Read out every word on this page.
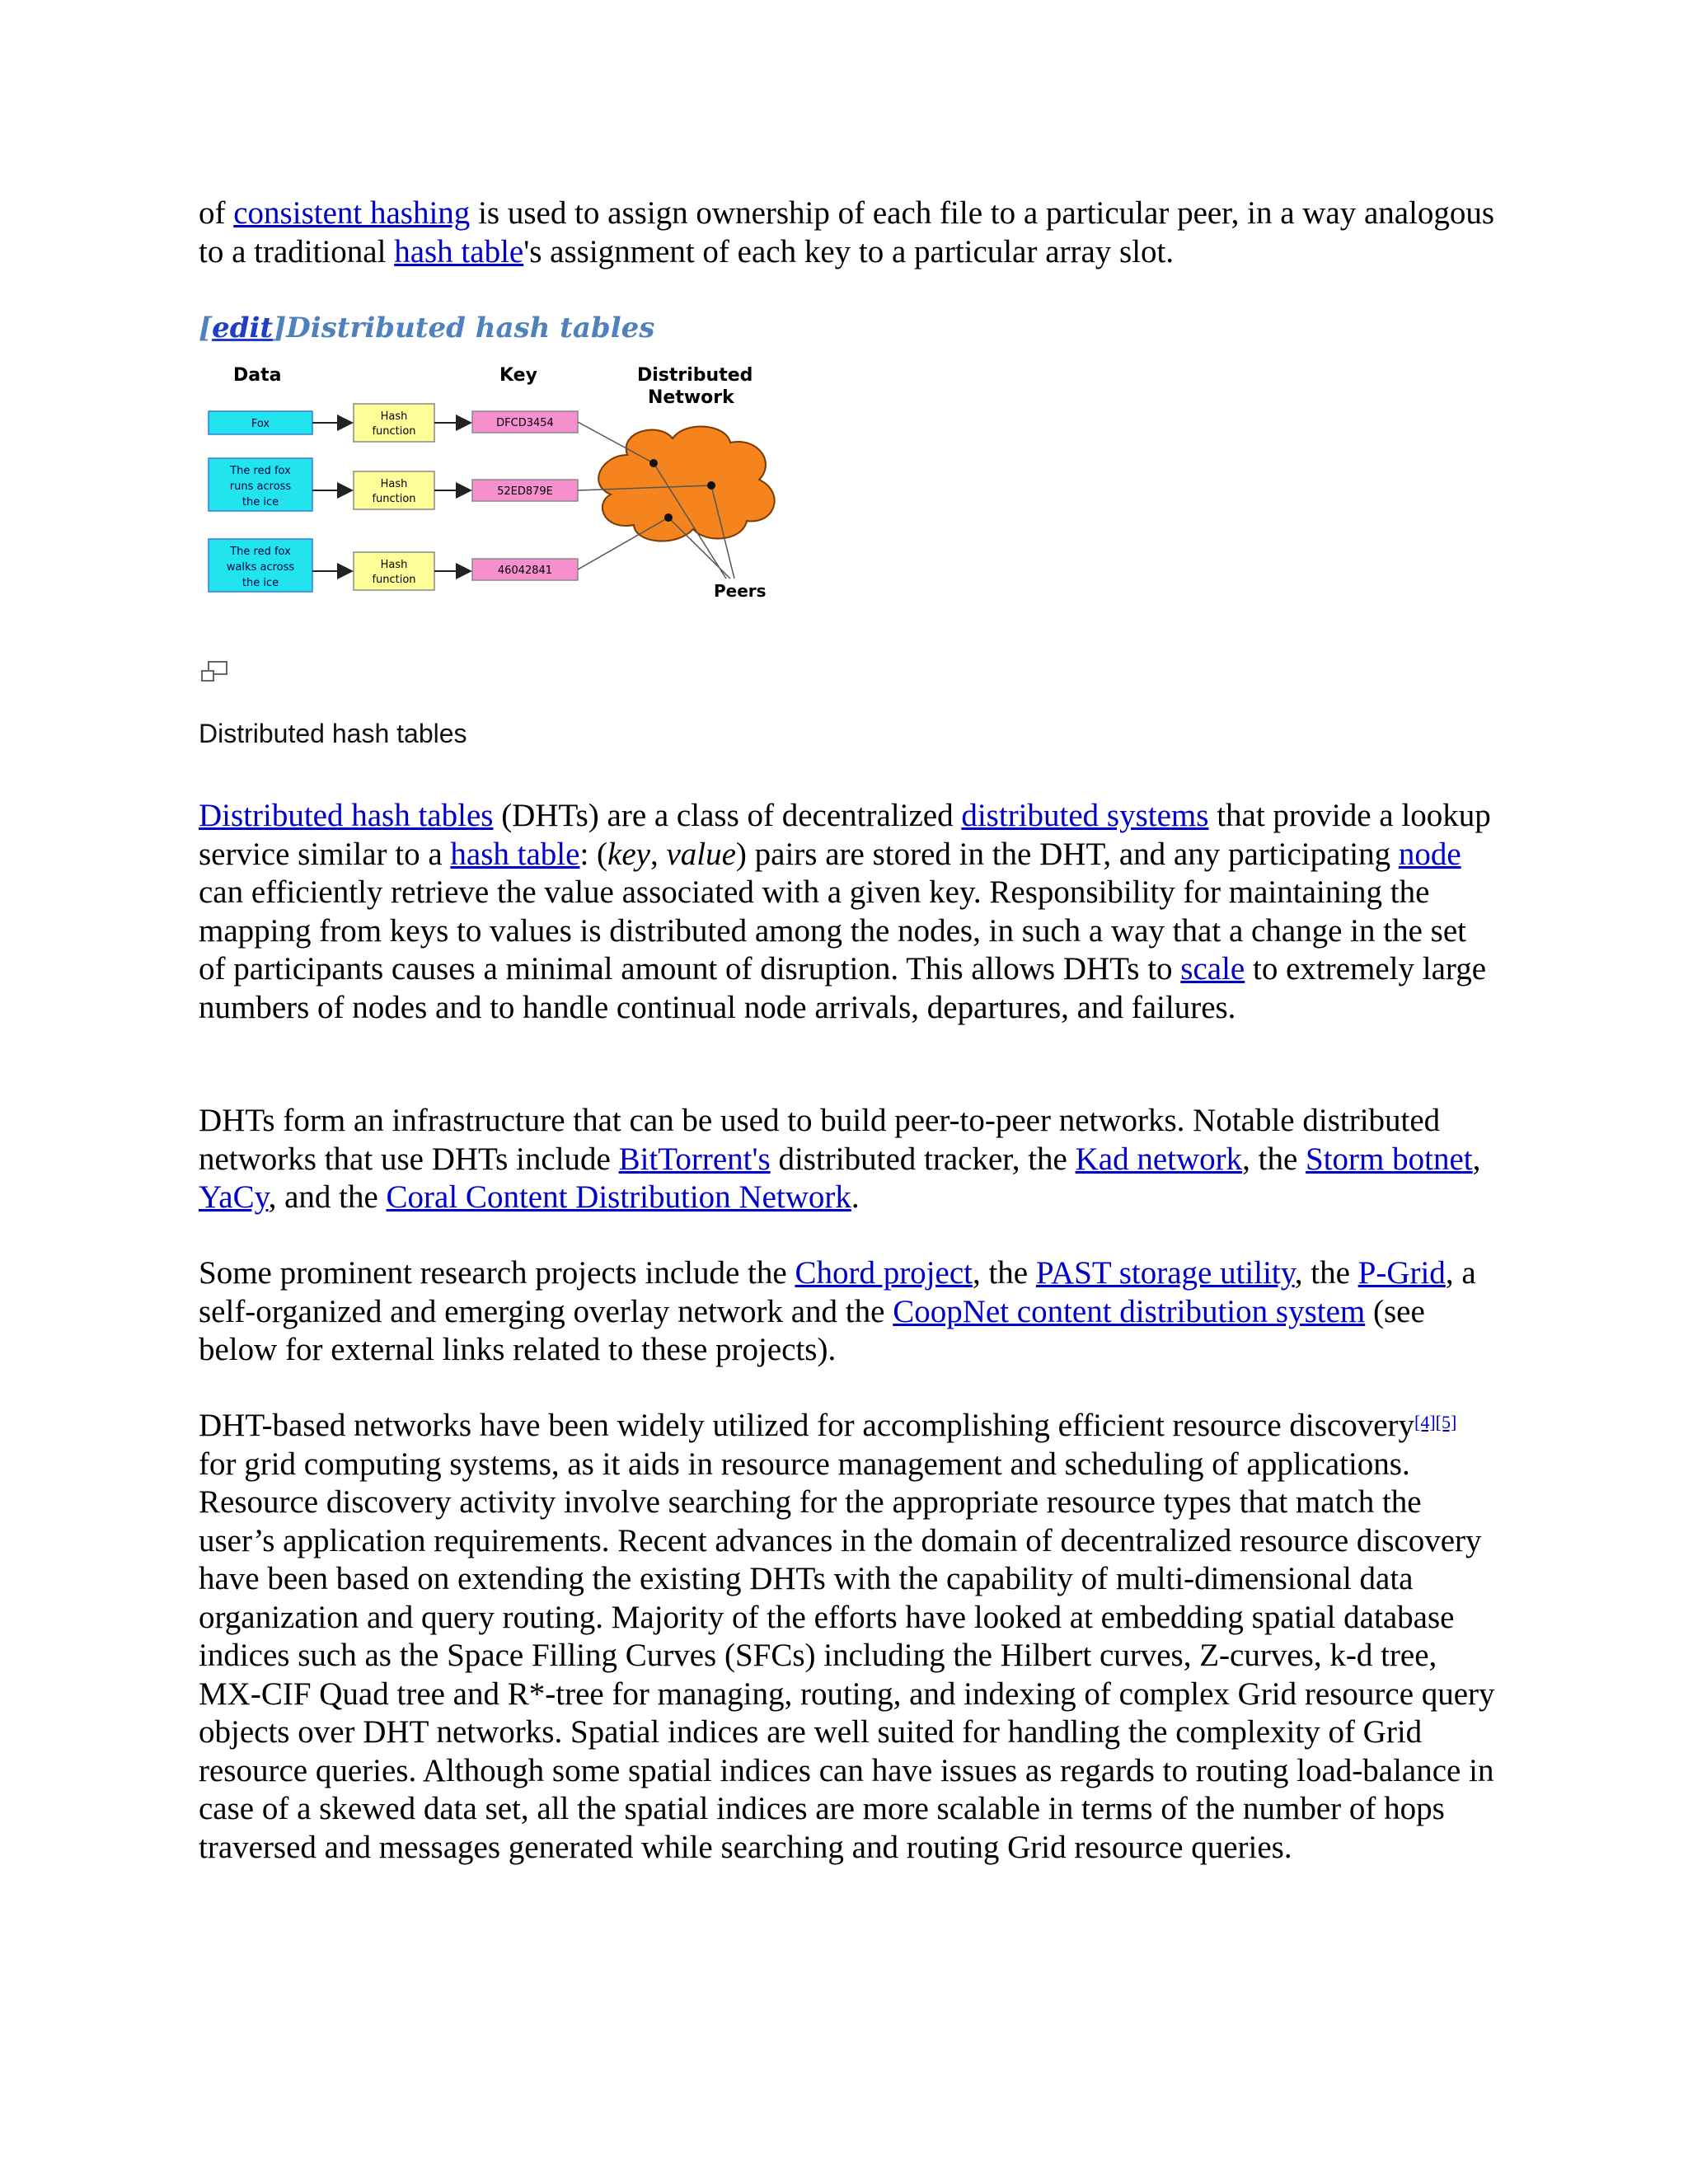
of consistent hashing is used to assign ownership of each file to a particular peer, in a way analogous to a traditional hash table's assignment of each key to a particular array slot.

[edit]Distributed hash tables
Data	Key	Distributed
Network
Fox
Hash
function
DFCD3454
The red fox
runs across
the ice
Hash
function
52ED879E
The red fox
walks across
the ice
Hash
function
46042841
Peers
Distributed hash tables

Distributed hash tables (DHTs) are a class of decentralized distributed systems that provide a lookup service similar to a hash table: (key, value) pairs are stored in the DHT, and any participating node can efficiently retrieve the value associated with a given key. Responsibility for maintaining the mapping from keys to values is distributed among the nodes, in such a way that a change in the set of participants causes a minimal amount of disruption. This allows DHTs to scale to extremely large numbers of nodes and to handle continual node arrivals, departures, and failures.

DHTs form an infrastructure that can be used to build peer-to-peer networks. Notable distributed networks that use DHTs include BitTorrent's distributed tracker, the Kad network, the Storm botnet, YaCy, and the Coral Content Distribution Network.

Some prominent research projects include the Chord project, the PAST storage utility, the P-Grid, a self-organized and emerging overlay network and the CoopNet content distribution system (see below for external links related to these projects).

DHT-based networks have been widely utilized for accomplishing efficient resource discovery[4][5] for grid computing systems, as it aids in resource management and scheduling of applications. Resource discovery activity involve searching for the appropriate resource types that match the user’s application requirements. Recent advances in the domain of decentralized resource discovery have been based on extending the existing DHTs with the capability of multi-dimensional data organization and query routing. Majority of the efforts have looked at embedding spatial database indices such as the Space Filling Curves (SFCs) including the Hilbert curves, Z-curves, k-d tree, MX-CIF Quad tree and R*-tree for managing, routing, and indexing of complex Grid resource query objects over DHT networks. Spatial indices are well suited for handling the complexity of Grid resource queries. Although some spatial indices can have issues as regards to routing load-balance in case of a skewed data set, all the spatial indices are more scalable in terms of the number of hops traversed and messages generated while searching and routing Grid resource queries.
